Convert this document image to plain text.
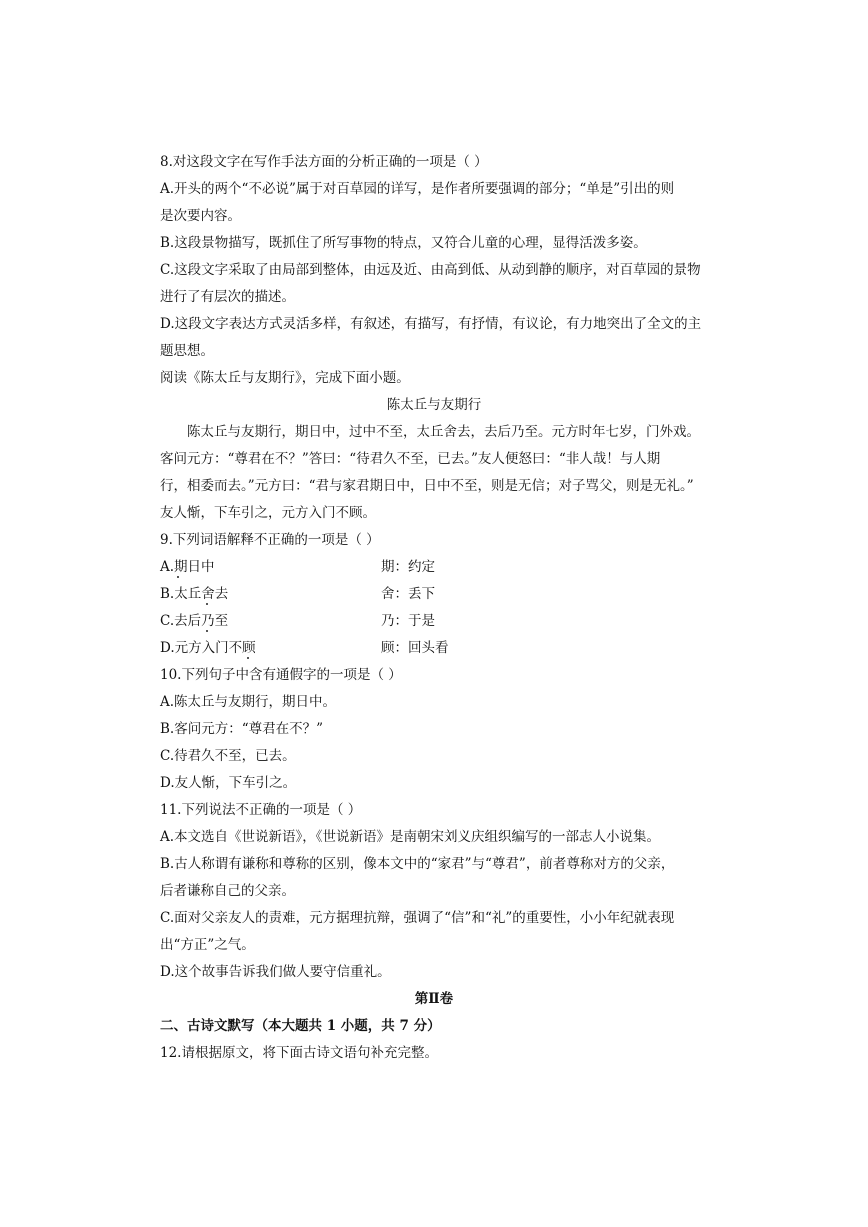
8.对这段文字在写作手法方面的分析正确的一项是（ ）
A.开头的两个“不必说”属于对百草园的详写，是作者所要强调的部分；“单是”引出的则
是次要内容。
B.这段景物描写，既抓住了所写事物的特点，又符合儿童的心理，显得活泼多姿。
C.这段文字采取了由局部到整体，由远及近、由高到低、从动到静的顺序，对百草园的景物
进行了有层次的描述。
D.这段文字表达方式灵活多样，有叙述，有描写，有抒情，有议论，有力地突出了全文的主
题思想。
阅读《陈太丘与友期行》，完成下面小题。
陈太丘与友期行
陈太丘与友期行，期日中，过中不至，太丘舍去，去后乃至。元方时年七岁，门外戏。
客问元方：“尊君在不？”答曰：“待君久不至，已去。”友人便怒曰：“非人哉！与人期
行，相委而去。”元方曰：“君与家君期日中，日中不至，则是无信；对子骂父，则是无礼。”
友人惭，下车引之，元方入门不顾。
9.下列词语解释不正确的一项是（ ）
A.期日中	期：约定
B.太丘舍去	舍：丢下
C.去后乃至	乃：于是
D.元方入门不顾	顾：回头看
10.下列句子中含有通假字的一项是（ ）
A.陈太丘与友期行，期日中。
B.客问元方：“尊君在不？”
C.待君久不至，已去。
D.友人惭，下车引之。
11.下列说法不正确的一项是（ ）
A.本文选自《世说新语》，《世说新语》是南朝宋刘义庆组织编写的一部志人小说集。
B.古人称谓有谦称和尊称的区别，像本文中的“家君”与“尊君”，前者尊称对方的父亲，
后者谦称自己的父亲。
C.面对父亲友人的责难，元方据理抗辩，强调了“信”和“礼”的重要性，小小年纪就表现
出“方正”之气。
D.这个故事告诉我们做人要守信重礼。
第Ⅱ卷
二、古诗文默写（本大题共 1 小题，共 7 分）
12.请根据原文，将下面古诗文语句补充完整。
